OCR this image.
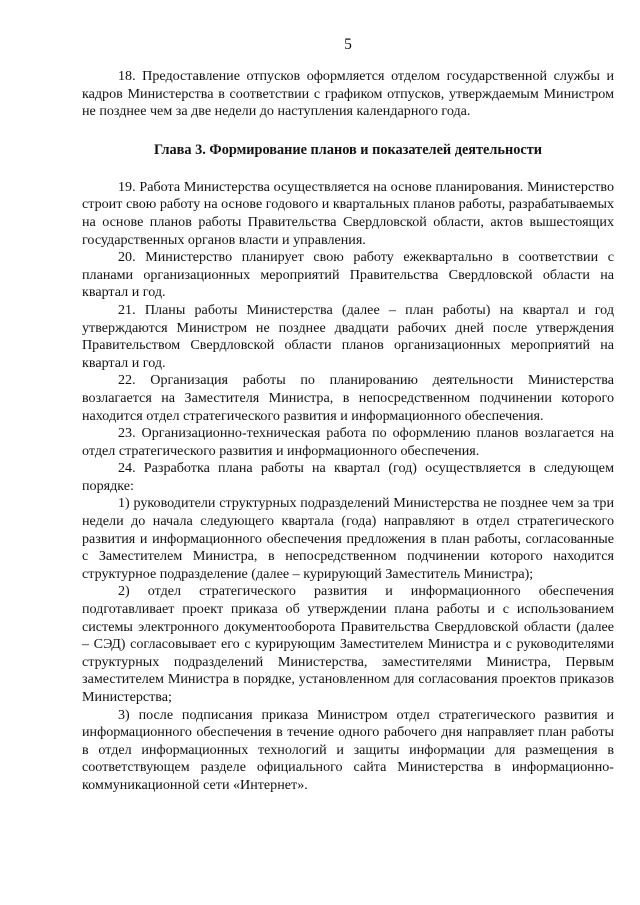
5

18. Предоставление отпусков оформляется отделом государственной службы и кадров Министерства в соответствии с графиком отпусков, утверждаемым Министром не позднее чем за две недели до наступления календарного года.

Глава 3. Формирование планов и показателей деятельности

19. Работа Министерства осуществляется на основе планирования. Министерство строит свою работу на основе годового и квартальных планов работы, разрабатываемых на основе планов работы Правительства Свердловской области, актов вышестоящих государственных органов власти и управления.

20. Министерство планирует свою работу ежеквартально в соответствии с планами организационных мероприятий Правительства Свердловской области на квартал и год.

21. Планы работы Министерства (далее – план работы) на квартал и год утверждаются Министром не позднее двадцати рабочих дней после утверждения Правительством Свердловской области планов организационных мероприятий на квартал и год.

22. Организация работы по планированию деятельности Министерства возлагается на Заместителя Министра, в непосредственном подчинении которого находится отдел стратегического развития и информационного обеспечения.

23. Организационно-техническая работа по оформлению планов возлагается на отдел стратегического развития и информационного обеспечения.

24. Разработка плана работы на квартал (год) осуществляется в следующем порядке:

1) руководители структурных подразделений Министерства не позднее чем за три недели до начала следующего квартала (года) направляют в отдел стратегического развития и информационного обеспечения предложения в план работы, согласованные с Заместителем Министра, в непосредственном подчинении которого находится структурное подразделение (далее – курирующий Заместитель Министра);

2) отдел стратегического развития и информационного обеспечения подготавливает проект приказа об утверждении плана работы и с использованием системы электронного документооборота Правительства Свердловской области (далее – СЭД) согласовывает его с курирующим Заместителем Министра и с руководителями структурных подразделений Министерства, заместителями Министра, Первым заместителем Министра в порядке, установленном для согласования проектов приказов Министерства;

3) после подписания приказа Министром отдел стратегического развития и информационного обеспечения в течение одного рабочего дня направляет план работы в отдел информационных технологий и защиты информации для размещения в соответствующем разделе официального сайта Министерства в информационно-коммуникационной сети «Интернет».
